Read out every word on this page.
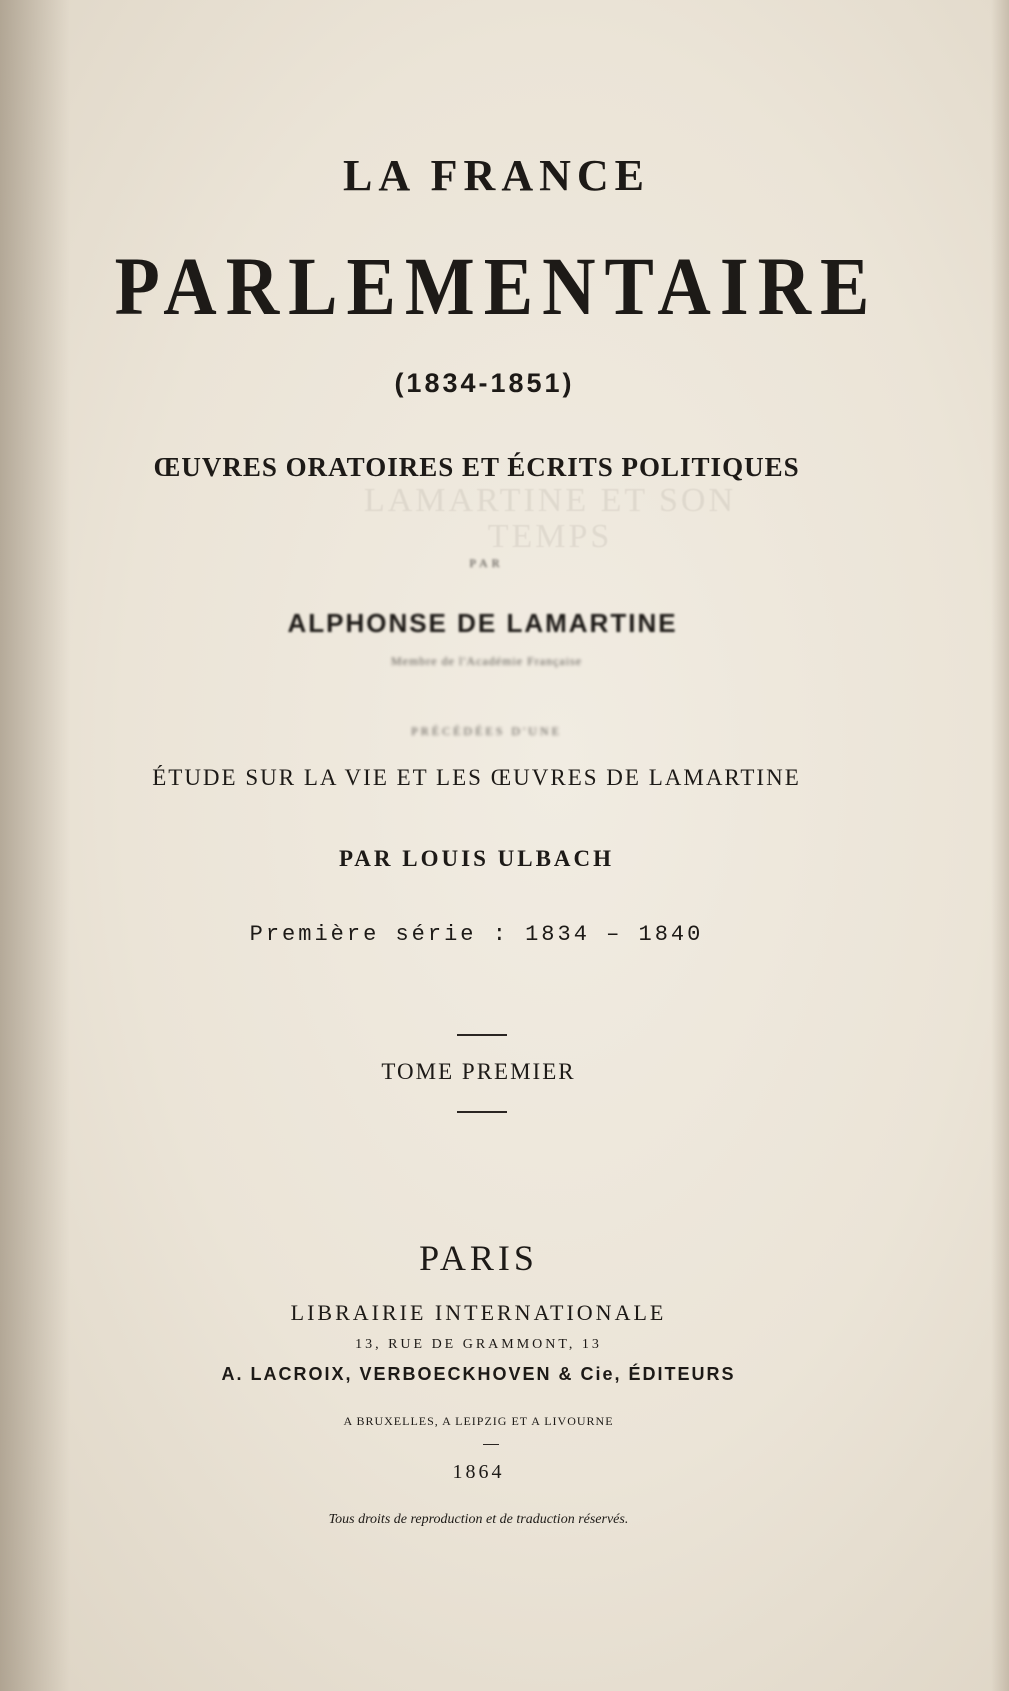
LAMARTINE ET SON TEMPS
LA FRANCE
PARLEMENTAIRE
(1834-1851)
ŒUVRES ORATOIRES ET ÉCRITS POLITIQUES
PAR
ALPHONSE DE LAMARTINE
Membre de l'Académie Française
PRÉCÉDÉES D'UNE
ÉTUDE SUR LA VIE ET LES ŒUVRES DE LAMARTINE
PAR LOUIS ULBACH
Première série : 1834 – 1840
TOME PREMIER
PARIS
LIBRAIRIE INTERNATIONALE
13, RUE DE GRAMMONT, 13
A. LACROIX, VERBOECKHOVEN & Cie, ÉDITEURS
A BRUXELLES, A LEIPZIG ET A LIVOURNE
1864
Tous droits de reproduction et de traduction réservés.
